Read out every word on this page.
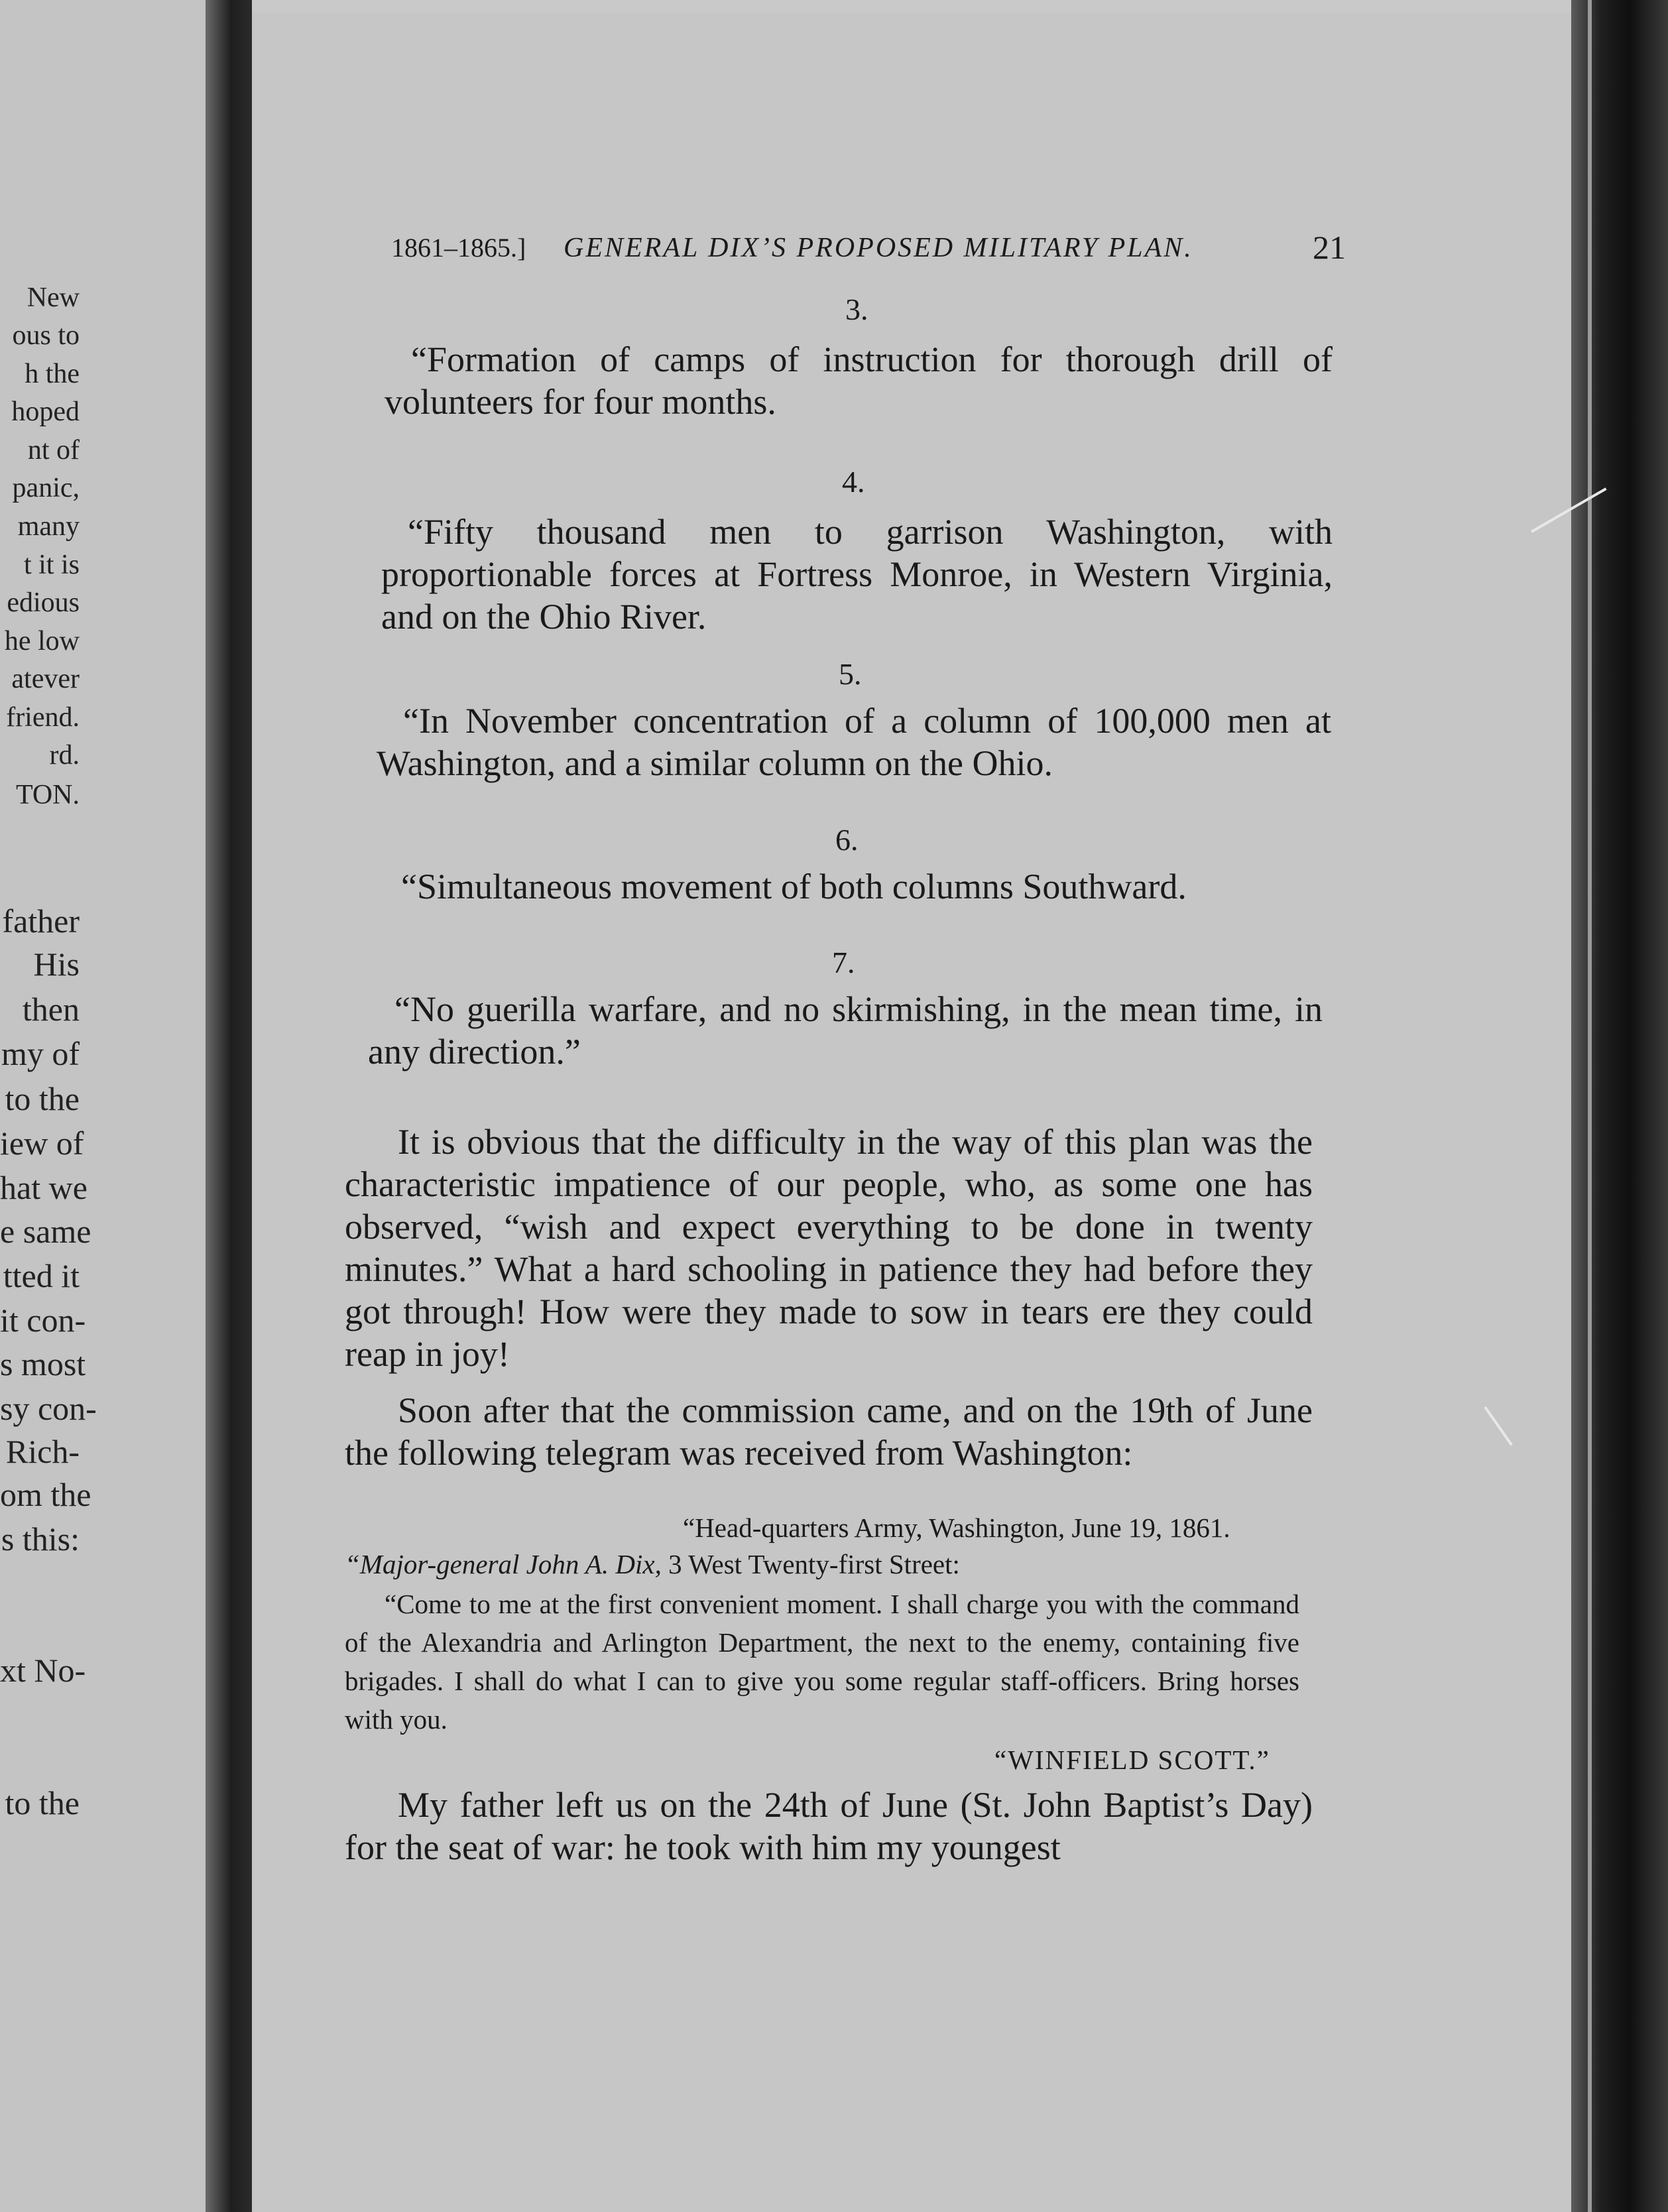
New
ous to
h the
hoped
nt of
panic,
many
t it is
edious
he low
atever
friend.
rd.
TON.
father
His
then
my of
to the
iew of
hat we
e same
tted it
it con-
s most
sy con-
Rich-
om the
s this:
xt No-
to the
1861–1865.] GENERAL DIX’S PROPOSED MILITARY PLAN.	21
3.
“Formation of camps of instruction for thorough drill of volunteers for four months.
4.
“Fifty thousand men to garrison Washington, with proportionable forces at Fortress Monroe, in Western Virginia, and on the Ohio River.
5.
“In November concentration of a column of 100,000 men at Washington, and a similar column on the Ohio.
6.
“Simultaneous movement of both columns Southward.
7.
“No guerilla warfare, and no skirmishing, in the mean time, in any direction.”
It is obvious that the difficulty in the way of this plan was the characteristic impatience of our people, who, as some one has observed, “wish and expect everything to be done in twenty minutes.” What a hard schooling in patience they had before they got through! How were they made to sow in tears ere they could reap in joy!
Soon after that the commission came, and on the 19th of June the following telegram was received from Washington:
“Head-quarters Army, Washington, June 19, 1861.
“Major-general John A. Dix, 3 West Twenty-first Street:
“Come to me at the first convenient moment. I shall charge you with the command of the Alexandria and Arlington Department, the next to the enemy, containing five brigades. I shall do what I can to give you some regular staff-officers. Bring horses with you.
“WINFIELD SCOTT.”
My father left us on the 24th of June (St. John Baptist’s Day) for the seat of war: he took with him my youngest
